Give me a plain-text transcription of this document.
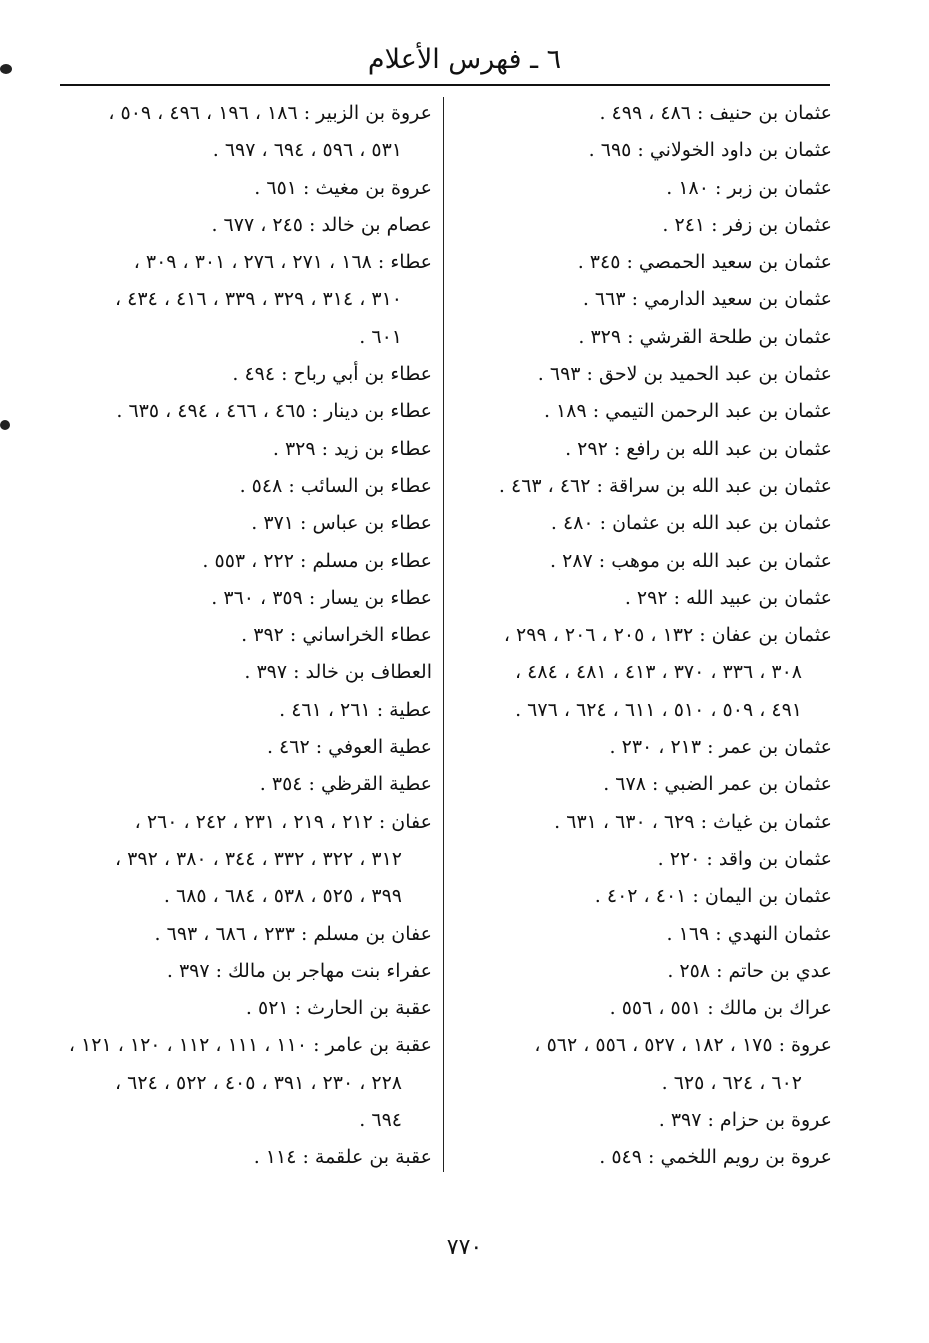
٦ ـ فهرس الأعلام
عثمان بن حنيف : ٤٨٦ ، ٤٩٩ .
عثمان بن داود الخولاني : ٦٩٥ .
عثمان بن زبر : ١٨٠ .
عثمان بن زفر : ٢٤١ .
عثمان بن سعيد الحمصي : ٣٤٥ .
عثمان بن سعيد الدارمي : ٦٦٣ .
عثمان بن طلحة القرشي : ٣٢٩ .
عثمان بن عبد الحميد بن لاحق : ٦٩٣ .
عثمان بن عبد الرحمن التيمي : ١٨٩ .
عثمان بن عبد الله بن رافع : ٢٩٢ .
عثمان بن عبد الله بن سراقة : ٤٦٢ ، ٤٦٣ .
عثمان بن عبد الله بن عثمان : ٤٨٠ .
عثمان بن عبد الله بن موهب : ٢٨٧ .
عثمان بن عبيد الله : ٢٩٢ .
عثمان بن عفان : ١٣٢ ، ٢٠٥ ، ٢٠٦ ، ٢٩٩ ،
٣٠٨ ، ٣٣٦ ، ٣٧٠ ، ٤١٣ ، ٤٨١ ، ٤٨٤ ،
٤٩١ ، ٥٠٩ ، ٥١٠ ، ٦١١ ، ٦٢٤ ، ٦٧٦ .
عثمان بن عمر : ٢١٣ ، ٢٣٠ .
عثمان بن عمر الضبي : ٦٧٨ .
عثمان بن غياث : ٦٢٩ ، ٦٣٠ ، ٦٣١ .
عثمان بن واقد : ٢٢٠ .
عثمان بن اليمان : ٤٠١ ، ٤٠٢ .
عثمان النهدي : ١٦٩ .
عدي بن حاتم : ٢٥٨ .
عراك بن مالك : ٥٥١ ، ٥٥٦ .
عروة : ١٧٥ ، ١٨٢ ، ٥٢٧ ، ٥٥٦ ، ٥٦٢ ،
٦٠٢ ، ٦٢٤ ، ٦٢٥ .
عروة بن حزام : ٣٩٧ .
عروة بن رويم اللخمي : ٥٤٩ .
عروة بن الزبير : ١٨٦ ، ١٩٦ ، ٤٩٦ ، ٥٠٩ ،
٥٣١ ، ٥٩٦ ، ٦٩٤ ، ٦٩٧ .
عروة بن مغيث : ٦٥١ .
عصام بن خالد : ٢٤٥ ، ٦٧٧ .
عطاء : ١٦٨ ، ٢٧١ ، ٢٧٦ ، ٣٠١ ، ٣٠٩ ،
٣١٠ ، ٣١٤ ، ٣٢٩ ، ٣٣٩ ، ٤١٦ ، ٤٣٤ ،
٦٠١ .
عطاء بن أبي رباح : ٤٩٤ .
عطاء بن دينار : ٤٦٥ ، ٤٦٦ ، ٤٩٤ ، ٦٣٥ .
عطاء بن زيد : ٣٢٩ .
عطاء بن السائب : ٥٤٨ .
عطاء بن عباس : ٣٧١ .
عطاء بن مسلم : ٢٢٢ ، ٥٥٣ .
عطاء بن يسار : ٣٥٩ ، ٣٦٠ .
عطاء الخراساني : ٣٩٢ .
العطاف بن خالد : ٣٩٧ .
عطية : ٢٦١ ، ٤٦١ .
عطية العوفي : ٤٦٢ .
عطية القرظي : ٣٥٤ .
عفان : ٢١٢ ، ٢١٩ ، ٢٣١ ، ٢٤٢ ، ٢٦٠ ،
٣١٢ ، ٣٢٢ ، ٣٣٢ ، ٣٤٤ ، ٣٨٠ ، ٣٩٢ ،
٣٩٩ ، ٥٢٥ ، ٥٣٨ ، ٦٨٤ ، ٦٨٥ .
عفان بن مسلم : ٢٣٣ ، ٦٨٦ ، ٦٩٣ .
عفراء بنت مهاجر بن مالك : ٣٩٧ .
عقبة بن الحارث : ٥٢١ .
عقبة بن عامر : ١١٠ ، ١١١ ، ١١٢ ، ١٢٠ ، ١٢١ ،
٢٢٨ ، ٢٣٠ ، ٣٩١ ، ٤٠٥ ، ٥٢٢ ، ٦٢٤ ،
٦٩٤ .
عقبة بن علقمة : ١١٤ .
٧٧٠
